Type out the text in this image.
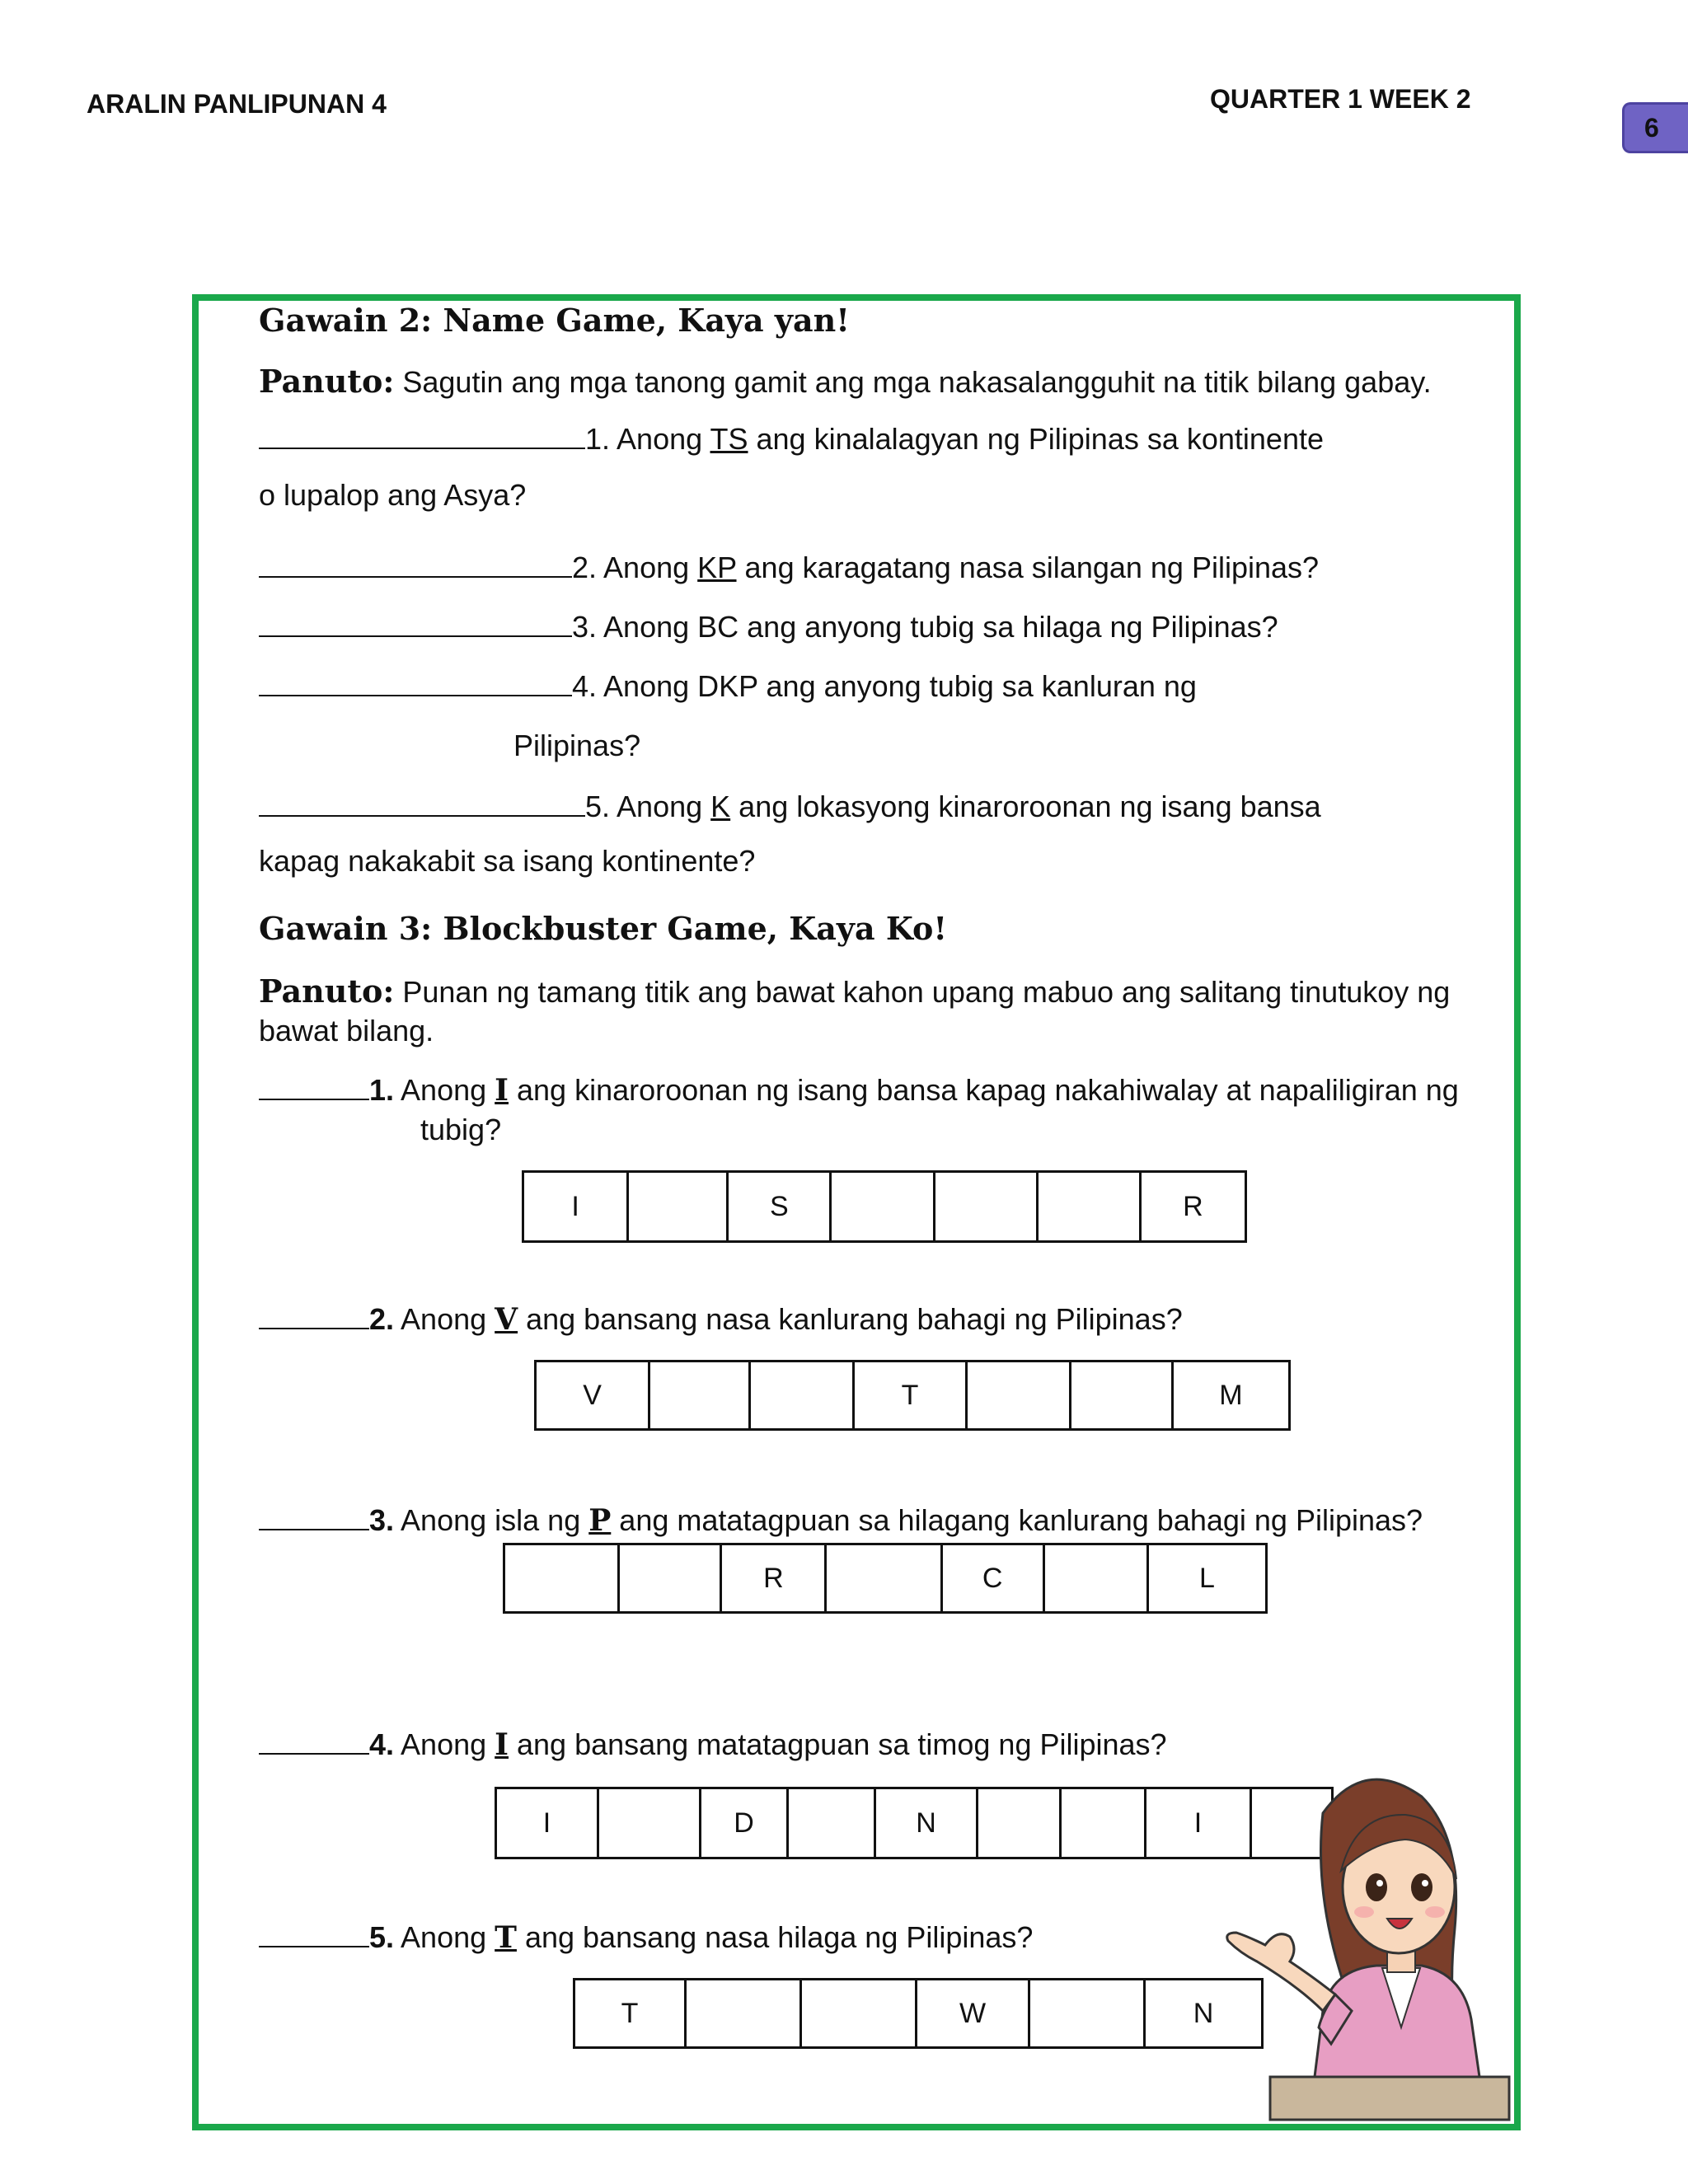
ARALIN PANLIPUNAN 4	QUARTER 1 WEEK 2
6
Gawain 2: Name Game, Kaya yan!
Panuto: Sagutin ang mga tanong gamit ang mga nakasalangguhit na titik bilang gabay.
1. Anong TS ang kinalalagyan ng Pilipinas sa kontinente
o lupalop ang Asya?
2. Anong KP ang karagatang nasa silangan ng Pilipinas?
3. Anong BC ang anyong tubig sa hilaga ng Pilipinas?
4. Anong DKP ang anyong tubig sa kanluran ng
Pilipinas?
5. Anong K ang lokasyong kinaroroonan ng isang bansa
kapag nakakabit sa isang kontinente?
Gawain 3: Blockbuster Game, Kaya Ko!
Panuto: Punan ng tamang titik ang bawat kahon upang mabuo ang salitang tinutukoy ng
bawat bilang.
1. Anong I ang kinaroroonan ng isang bansa kapag nakahiwalay at napaliligiran ng
tubig?
I	S	R
2. Anong V ang bansang nasa kanlurang bahagi ng Pilipinas?
V	T	M
3. Anong isla ng P ang matatagpuan sa hilagang kanlurang bahagi ng Pilipinas?
R	C	L
4. Anong I ang bansang matatagpuan sa timog ng Pilipinas?
I	D	N	I
5. Anong T ang bansang nasa hilaga ng Pilipinas?
T	W	N
